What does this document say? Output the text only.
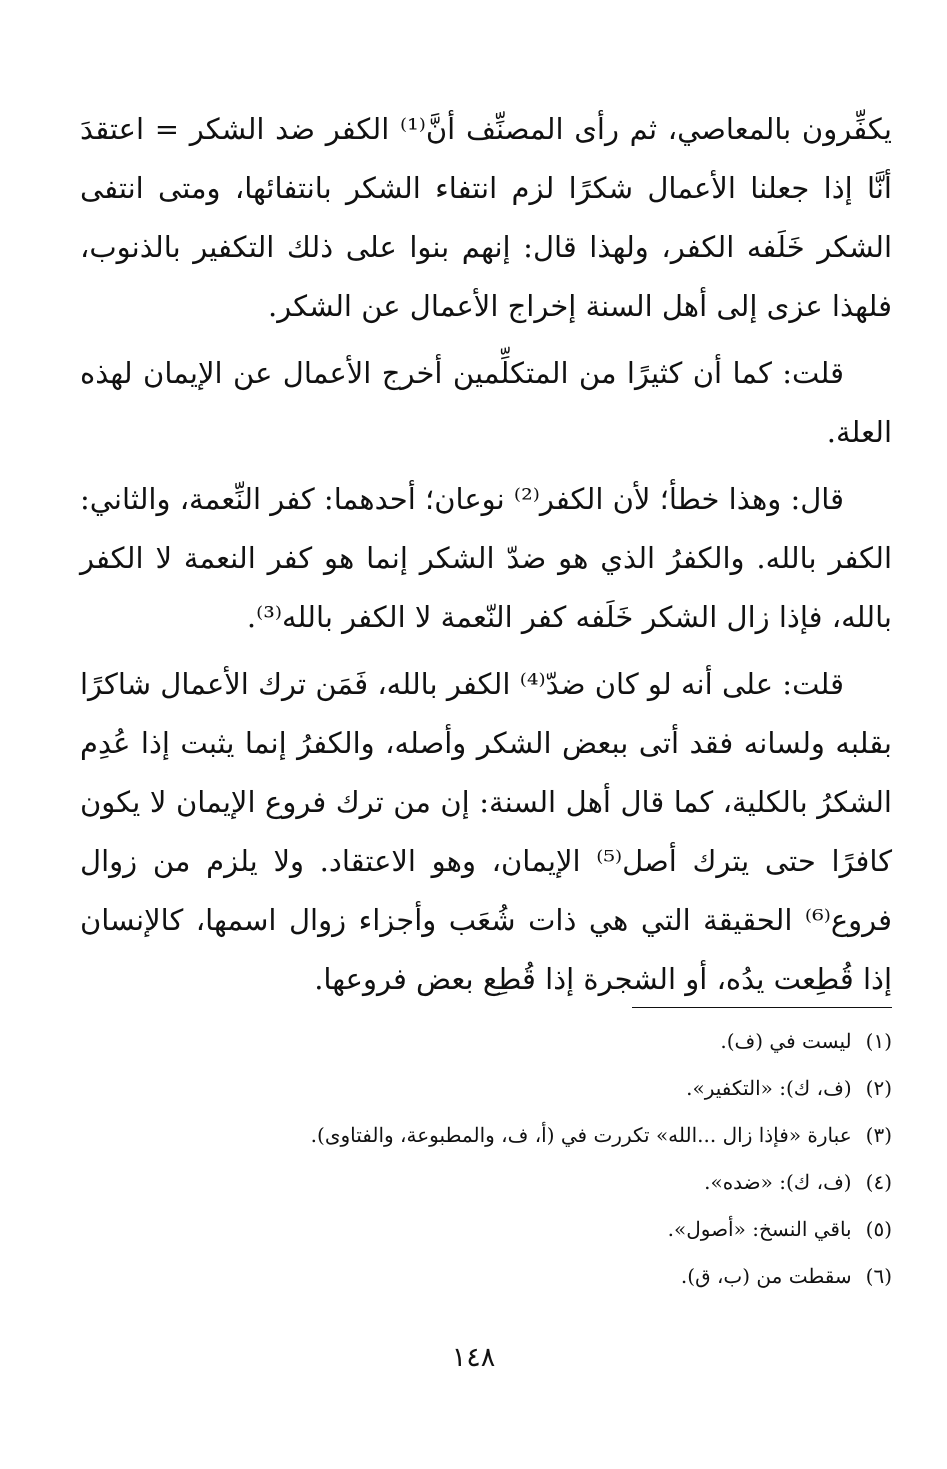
يكفِّرون بالمعاصي، ثم رأى المصنِّف أنَّ⁽¹⁾ الكفر ضد الشكر = اعتقدَ أنَّا إذا جعلنا الأعمال شكرًا لزم انتفاء الشكر بانتفائها، ومتى انتفى الشكر خَلَفه الكفر، ولهذا قال: إنهم بنوا على ذلك التكفير بالذنوب، فلهذا عزى إلى أهل السنة إخراج الأعمال عن الشكر.

قلت: كما أن كثيرًا من المتكلِّمين أخرج الأعمال عن الإيمان لهذه العلة.

قال: وهذا خطأ؛ لأن الكفر⁽²⁾ نوعان؛ أحدهما: كفر النِّعمة، والثاني: الكفر بالله. والكفرُ الذي هو ضدّ الشكر إنما هو كفر النعمة لا الكفر بالله، فإذا زال الشكر خَلَفه كفر النّعمة لا الكفر بالله⁽³⁾.

قلت: على أنه لو كان ضدّ⁽⁴⁾ الكفر بالله، فَمَن ترك الأعمال شاكرًا بقلبه ولسانه فقد أتى ببعض الشكر وأصله، والكفرُ إنما يثبت إذا عُدِم الشكرُ بالكلية، كما قال أهل السنة: إن من ترك فروع الإيمان لا يكون كافرًا حتى يترك أصل⁽⁵⁾ الإيمان، وهو الاعتقاد. ولا يلزم من زوال فروع⁽⁶⁾ الحقيقة التي هي ذات شُعَب وأجزاء زوال اسمها، كالإنسان إذا قُطِعت يدُه، أو الشجرة إذا قُطِع بعض فروعها.

(١)ليست في (ف).
(٢)(ف، ك): «التكفير».
(٣)عبارة «فإذا زال ...الله» تكررت في (أ، ف، والمطبوعة، والفتاوى).
(٤)(ف، ك): «ضده».
(٥)باقي النسخ: «أصول».
(٦)سقطت من (ب، ق).
١٤٨
